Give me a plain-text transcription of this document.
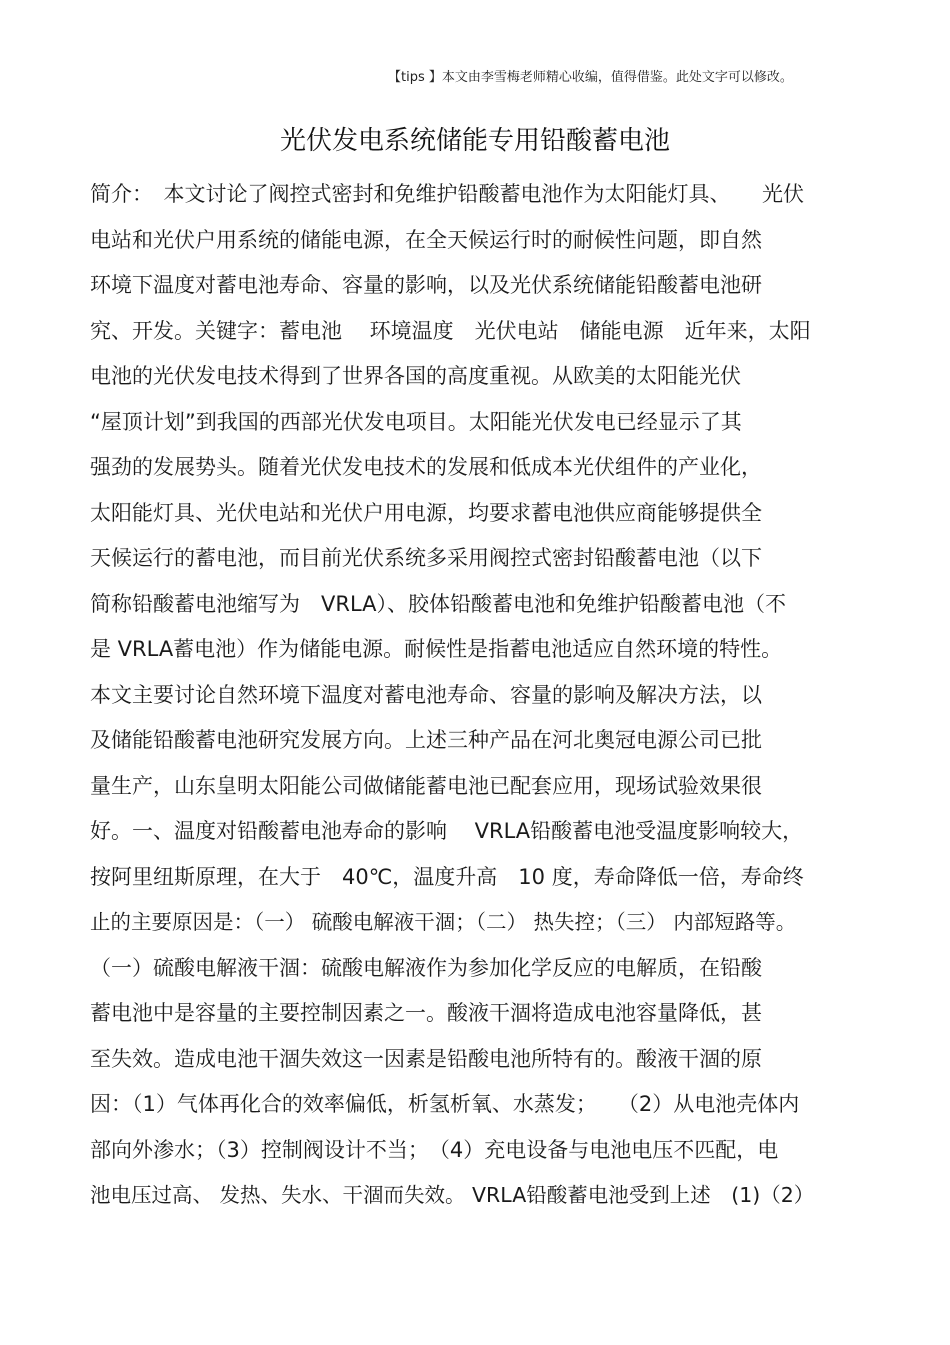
【tips 】本文由李雪梅老师精心收编，值得借鉴。此处文字可以修改。
光伏发电系统储能专用铅酸蓄电池
简介：　本文讨论了阀控式密封和免维护铅酸蓄电池作为太阳能灯具、　　光伏
电站和光伏户用系统的储能电源，在全天候运行时的耐候性问题，即自然
环境下温度对蓄电池寿命、容量的影响，以及光伏系统储能铅酸蓄电池研
究、开发。关键字：蓄电池　 环境温度　光伏电站　储能电源　近年来，太阳
电池的光伏发电技术得到了世界各国的高度重视。从欧美的太阳能光伏
“屋顶计划”到我国的西部光伏发电项目。太阳能光伏发电已经显示了其
强劲的发展势头。随着光伏发电技术的发展和低成本光伏组件的产业化，
太阳能灯具、光伏电站和光伏户用电源，均要求蓄电池供应商能够提供全
天候运行的蓄电池，而目前光伏系统多采用阀控式密封铅酸蓄电池（以下
简称铅酸蓄电池缩写为　VRLA）、胶体铅酸蓄电池和免维护铅酸蓄电池（不
是 VRLA蓄电池）作为储能电源。耐候性是指蓄电池适应自然环境的特性。
本文主要讨论自然环境下温度对蓄电池寿命、容量的影响及解决方法，以
及储能铅酸蓄电池研究发展方向。上述三种产品在河北奥冠电源公司已批
量生产，山东皇明太阳能公司做储能蓄电池已配套应用，现场试验效果很
好。一、温度对铅酸蓄电池寿命的影响　 VRLA铅酸蓄电池受温度影响较大，
按阿里纽斯原理，在大于　40℃，温度升高　10 度，寿命降低一倍，寿命终
止的主要原因是：（一） 硫酸电解液干涸；（二） 热失控；（三） 内部短路等。
（一）硫酸电解液干涸：硫酸电解液作为参加化学反应的电解质，在铅酸
蓄电池中是容量的主要控制因素之一。酸液干涸将造成电池容量降低，甚
至失效。造成电池干涸失效这一因素是铅酸电池所特有的。酸液干涸的原
因：（1）气体再化合的效率偏低，析氢析氧、水蒸发；　　（2）从电池壳体内
部向外渗水；（3）控制阀设计不当；　（4）充电设备与电池电压不匹配，电
池电压过高、 发热、失水、干涸而失效。 VRLA铅酸蓄电池受到上述　(1)（2）
